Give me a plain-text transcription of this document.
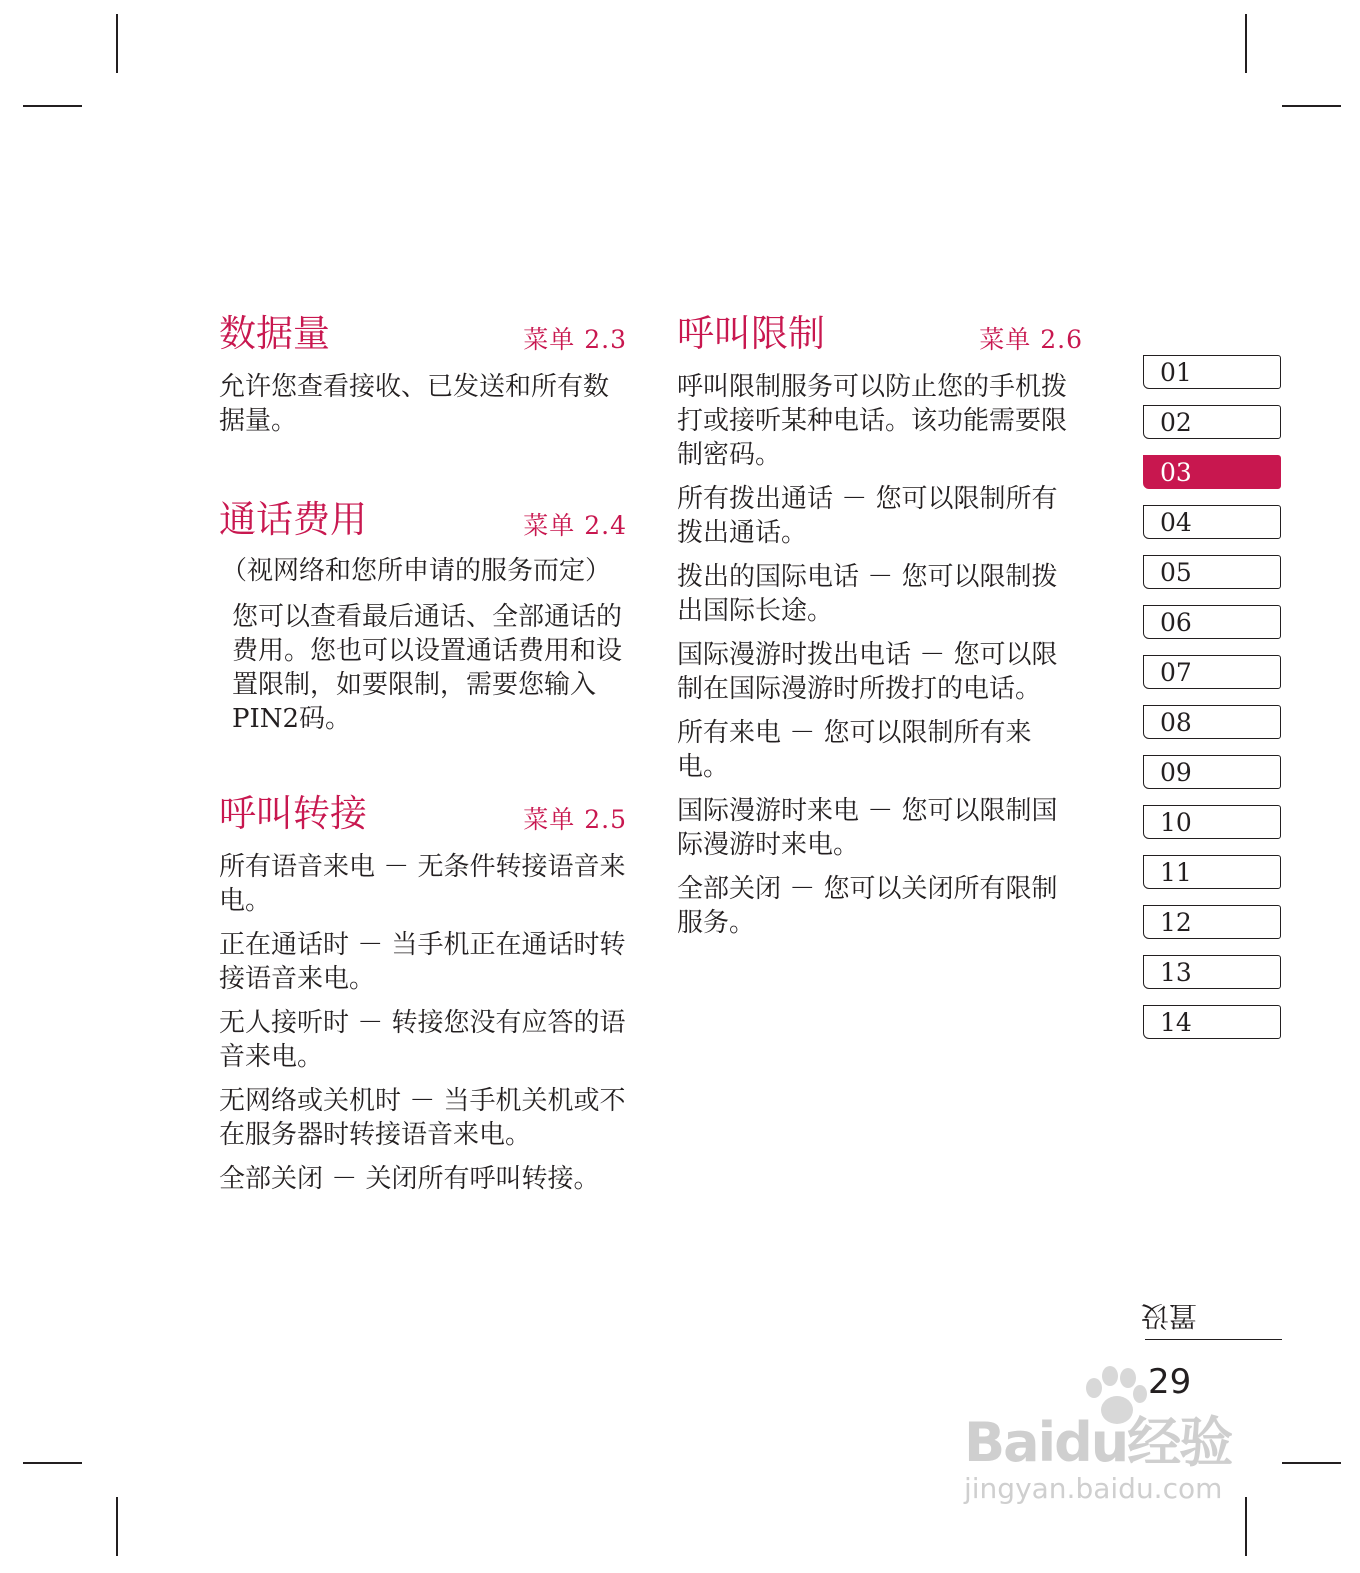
数据量	菜单 2.3

允许您查看接收、已发送和所有数据量。

通话费用	菜单 2.4

（视网络和您所申请的服务而定）

您可以查看最后通话、全部通话的费用。您也可以设置通话费用和设置限制，如要限制，需要您输入PIN2码。

呼叫转接	菜单 2.5

所有语音来电 － 无条件转接语音来电。

正在通话时 － 当手机正在通话时转接语音来电。

无人接听时 － 转接您没有应答的语音来电。

无网络或关机时 － 当手机关机或不在服务器时转接语音来电。

全部关闭 － 关闭所有呼叫转接。

呼叫限制	菜单 2.6

呼叫限制服务可以防止您的手机拨打或接听某种电话。该功能需要限制密码。

所有拨出通话 － 您可以限制所有拨出通话。

拨出的国际电话 － 您可以限制拨出国际长途。

国际漫游时拨出电话 － 您可以限制在国际漫游时所拨打的电话。

所有来电 － 您可以限制所有来电。

国际漫游时来电 － 您可以限制国际漫游时来电。

全部关闭 － 您可以关闭所有限制服务。

01
02
03
04
05
06
07
08
09
10
11
12
13
14
设置
29
Baidu经验
jingyan.baidu.com
